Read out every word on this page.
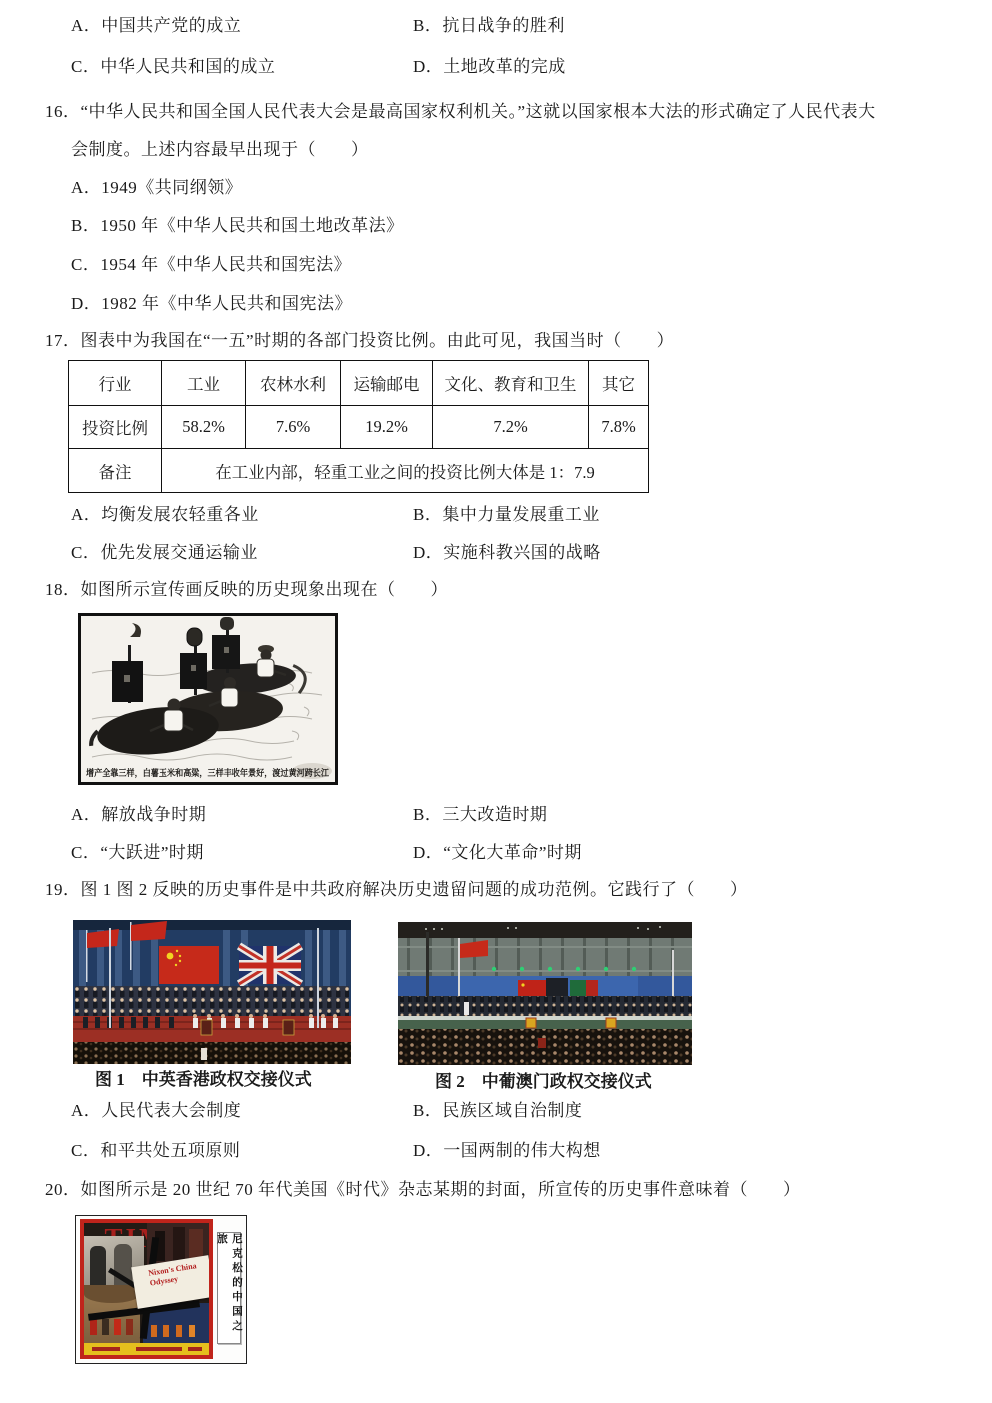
A．中国共产党的成立	B．抗日战争的胜利
C．中华人民共和国的成立	D．土地改革的完成
16．“中华人民共和国全国人民代表大会是最高国家权利机关。”这就以国家根本大法的形式确定了人民代表大
会制度。上述内容最早出现于（　　）
A．1949《共同纲领》
B．1950 年《中华人民共和国土地改革法》
C．1954 年《中华人民共和国宪法》
D．1982 年《中华人民共和国宪法》
17．图表中为我国在“一五”时期的各部门投资比例。由此可见，我国当时（　　）
行业	工业	农林水利	运输邮电	文化、教育和卫生	其它
投资比例	58.2%	7.6%	19.2%	7.2%	7.8%
备注	在工业内部，轻重工业之间的投资比例大体是 1：7.9				
A．均衡发展农轻重各业	B．集中力量发展重工业
C．优先发展交通运输业	D．实施科教兴国的战略
18．如图所示宣传画反映的历史现象出现在（　　）
增产全靠三样，白薯玉米和高粱，三样丰收年景好，渡过黄河跨长江
A．解放战争时期	B．三大改造时期
C．“大跃进”时期	D．“文化大革命”时期
19．图 1 图 2 反映的历史事件是中共政府解决历史遗留问题的成功范例。它践行了（　　）
图 1　中英香港政权交接仪式	图 2　中葡澳门政权交接仪式
A．人民代表大会制度	B．民族区域自治制度
C．和平共处五项原则	D．一国两制的伟大构想
20．如图所示是 20 世纪 70 年代美国《时代》杂志某期的封面，所宣传的历史事件意味着（　　）
Nixon's China Odyssey	尼克松的中国之旅
